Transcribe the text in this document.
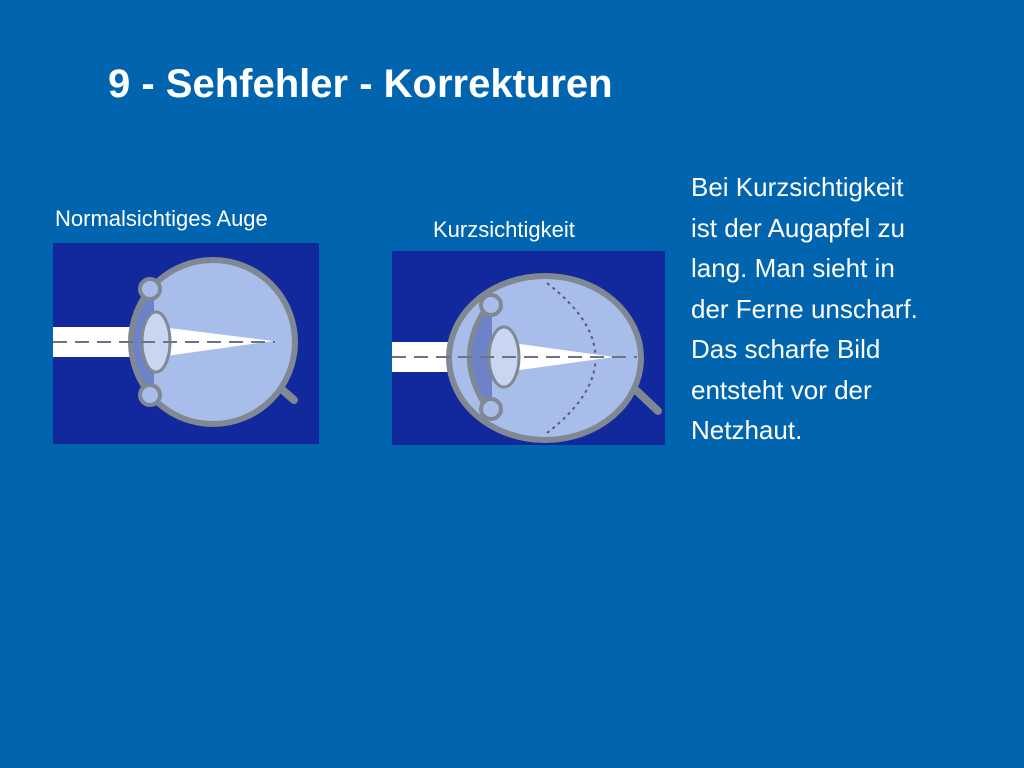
9 - Sehfehler - Korrekturen
Normalsichtiges Auge	Kurzsichtigkeit

Bei Kurzsichtigkeit
ist der Augapfel zu
lang. Man sieht in
der Ferne unscharf.
Das scharfe Bild
entsteht vor der
Netzhaut.
